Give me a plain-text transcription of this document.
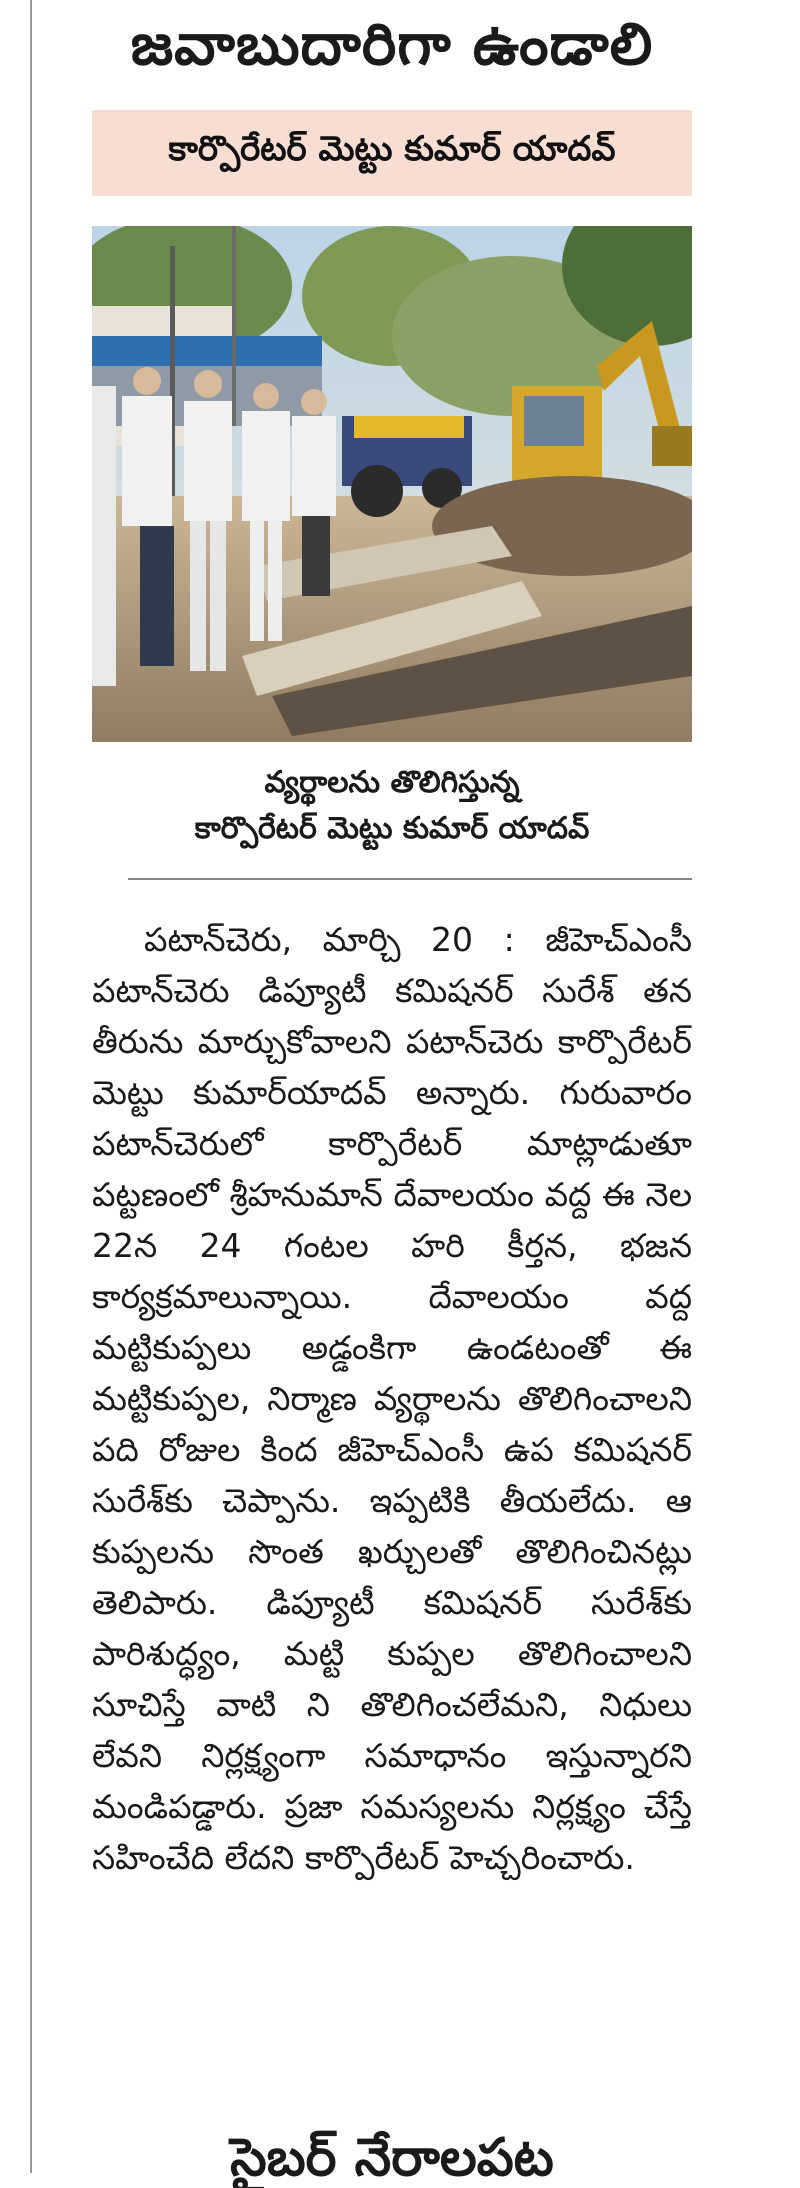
జవాబుదారిగా ఉండాలి
కార్పొరేటర్ మెట్టు కుమార్ యాదవ్
వ్యర్థాలను తొలిగిస్తున్న
కార్పొరేటర్ మెట్టు కుమార్ యాదవ్

పటాన్‌చెరు, మార్చి 20 : జీహెచ్‌ఎంసీ పటాన్‌చెరు డిప్యూటీ కమిషనర్ సురేశ్ తన తీరును మార్చుకోవాలని పటాన్‌చెరు కార్పొరేటర్ మెట్టు కుమార్‌యాదవ్ అన్నారు. గురువారం పటాన్‌చెరులో కార్పొరేటర్ మాట్లాడుతూ పట్టణంలో శ్రీహనుమాన్ దేవాలయం వద్ద ఈ నెల 22న 24 గంటల హరి కీర్తన, భజన కార్యక్రమాలున్నాయి. దేవాలయం వద్ద మట్టికుప్పలు అడ్డంకిగా ఉండటంతో ఈ మట్టికుప్పల, నిర్మాణ వ్యర్థాలను తొలిగించాలని పది రోజుల కింద జీహెచ్‌ఎంసీ ఉప కమిషనర్ సురేశ్‌కు చెప్పాను. ఇప్పటికి తీయలేదు. ఆ కుప్పలను సొంత ఖర్చులతో తొలిగించినట్లు తెలిపారు. డిప్యూటీ కమిషనర్ సురేశ్‌కు పారిశుద్ధ్యం, మట్టి కుప్పల తొలిగించాలని సూచిస్తే వాటి ని తొలిగించలేమని, నిధులు లేవని నిర్లక్ష్యంగా సమాధానం ఇస్తున్నారని మండిపడ్డారు. ప్రజా సమస్యలను నిర్లక్ష్యం చేస్తే సహించేది లేదని కార్పొరేటర్ హెచ్చరించారు.

సైబర్ నేరాలపట
